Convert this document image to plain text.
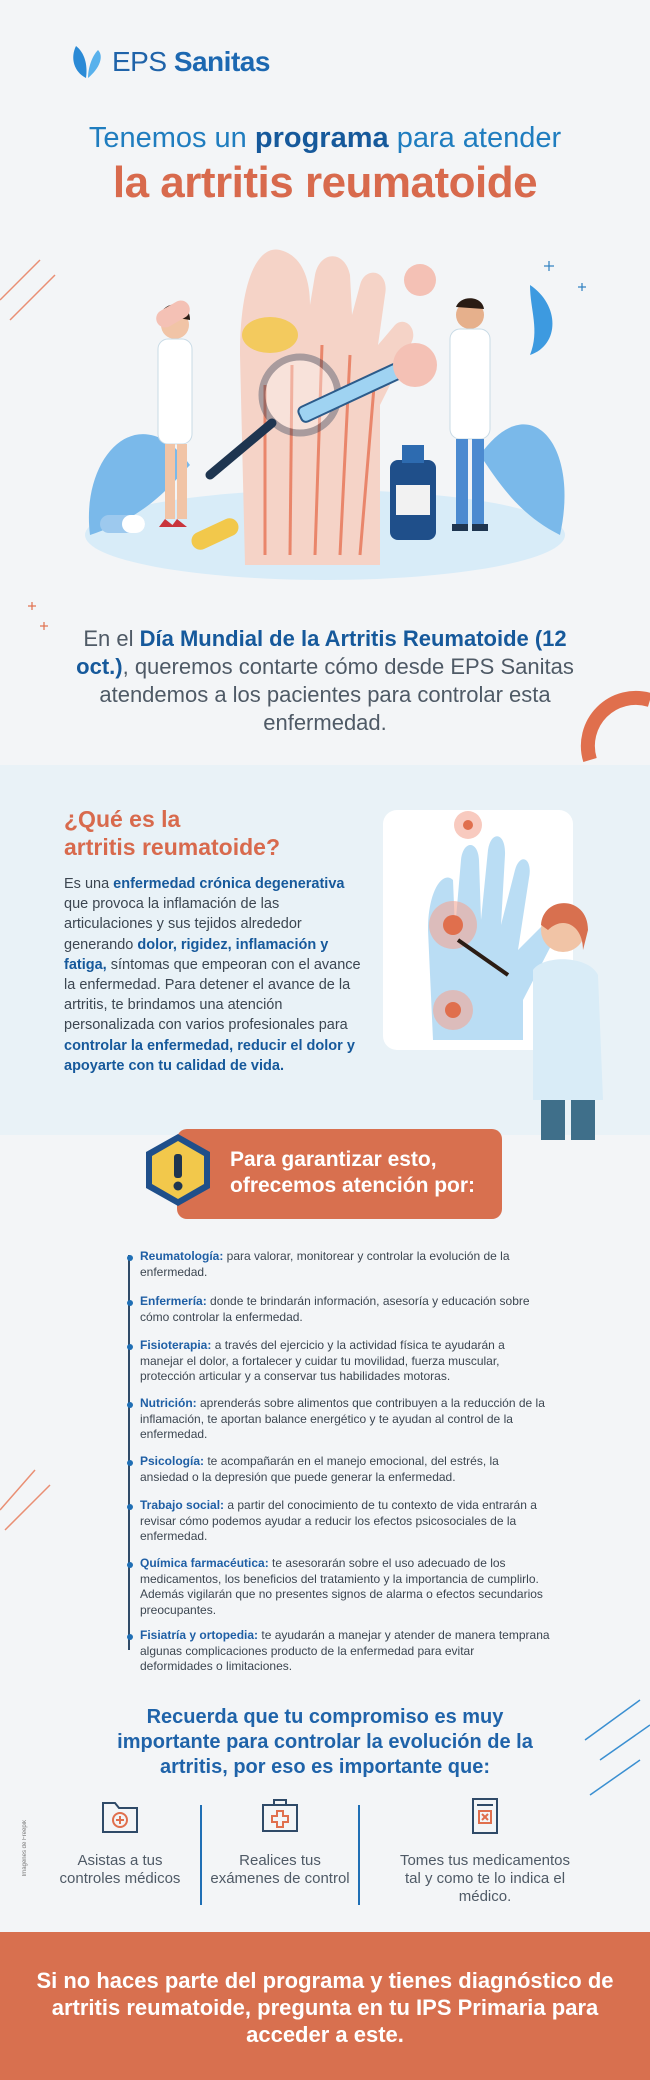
EPS Sanitas
Tenemos un programa para atender
la artritis reumatoide
En el Día Mundial de la Artritis Reumatoide (12 oct.), queremos contarte cómo desde EPS Sanitas atendemos a los pacientes para controlar esta enfermedad.
¿Qué es la
artritis reumatoide?
Es una enfermedad crónica degenerativa que provoca la inflamación de las articulaciones y sus tejidos alrededor generando dolor, rigidez, inflamación y fatiga, síntomas que empeoran con el avance la enfermedad. Para detener el avance de la artritis, te brindamos una atención personalizada con varios profesionales para controlar la enfermedad, reducir el dolor y apoyarte con tu calidad de vida.
Para garantizar esto,
ofrecemos atención por:
Reumatología: para valorar, monitorear y controlar la evolución de la enfermedad.
Enfermería: donde te brindarán información, asesoría y educación sobre cómo controlar la enfermedad.
Fisioterapia: a través del ejercicio y la actividad física te ayudarán a manejar el dolor, a fortalecer y cuidar tu movilidad, fuerza muscular, protección articular y a conservar tus habilidades motoras.
Nutrición: aprenderás sobre alimentos que contribuyen a la reducción de la inflamación, te aportan balance energético y te ayudan al control de la enfermedad.
Psicología: te acompañarán en el manejo emocional, del estrés, la ansiedad o la depresión que puede generar la enfermedad.
Trabajo social: a partir del conocimiento de tu contexto de vida entrarán a revisar cómo podemos ayudar a reducir los efectos psicosociales de la enfermedad.
Química farmacéutica: te asesorarán sobre el uso adecuado de los medicamentos, los beneficios del tratamiento y la importancia de cumplirlo. Además vigilarán que no presentes signos de alarma o efectos secundarios preocupantes.
Fisiatría y ortopedia: te ayudarán a manejar y atender de manera temprana algunas complicaciones producto de la enfermedad para evitar deformidades o limitaciones.
Recuerda que tu compromiso es muy importante para controlar la evolución de la artritis, por eso es importante que:
Asistas a tus controles médicos
Realices tus exámenes de control
Tomes tus medicamentos tal y como te lo indica el médico.
Imágenes de Freepik
Si no haces parte del programa y tienes diagnóstico de artritis reumatoide, pregunta en tu IPS Primaria para acceder a este.
